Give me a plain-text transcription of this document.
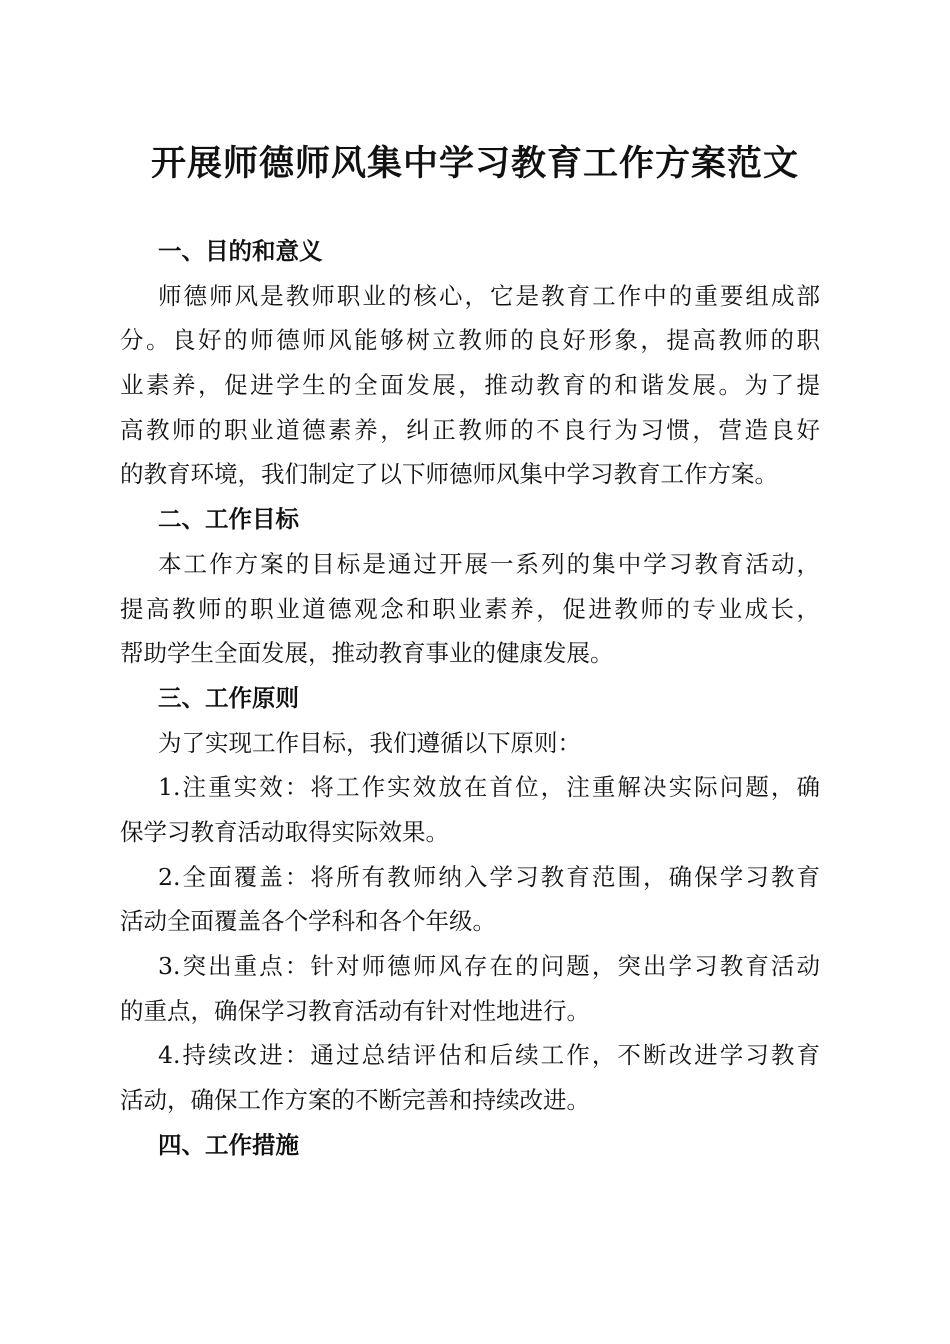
开展师德师风集中学习教育工作方案范文
一、目的和意义
师德师风是教师职业的核心，它是教育工作中的重要组成部
分。良好的师德师风能够树立教师的良好形象，提高教师的职
业素养，促进学生的全面发展，推动教育的和谐发展。为了提
高教师的职业道德素养，纠正教师的不良行为习惯，营造良好
的教育环境，我们制定了以下师德师风集中学习教育工作方案。
二、工作目标
本工作方案的目标是通过开展一系列的集中学习教育活动，
提高教师的职业道德观念和职业素养，促进教师的专业成长，
帮助学生全面发展，推动教育事业的健康发展。
三、工作原则
为了实现工作目标，我们遵循以下原则：
1.注重实效：将工作实效放在首位，注重解决实际问题，确
保学习教育活动取得实际效果。
2.全面覆盖：将所有教师纳入学习教育范围，确保学习教育
活动全面覆盖各个学科和各个年级。
3.突出重点：针对师德师风存在的问题，突出学习教育活动
的重点，确保学习教育活动有针对性地进行。
4.持续改进：通过总结评估和后续工作，不断改进学习教育
活动，确保工作方案的不断完善和持续改进。
四、工作措施
